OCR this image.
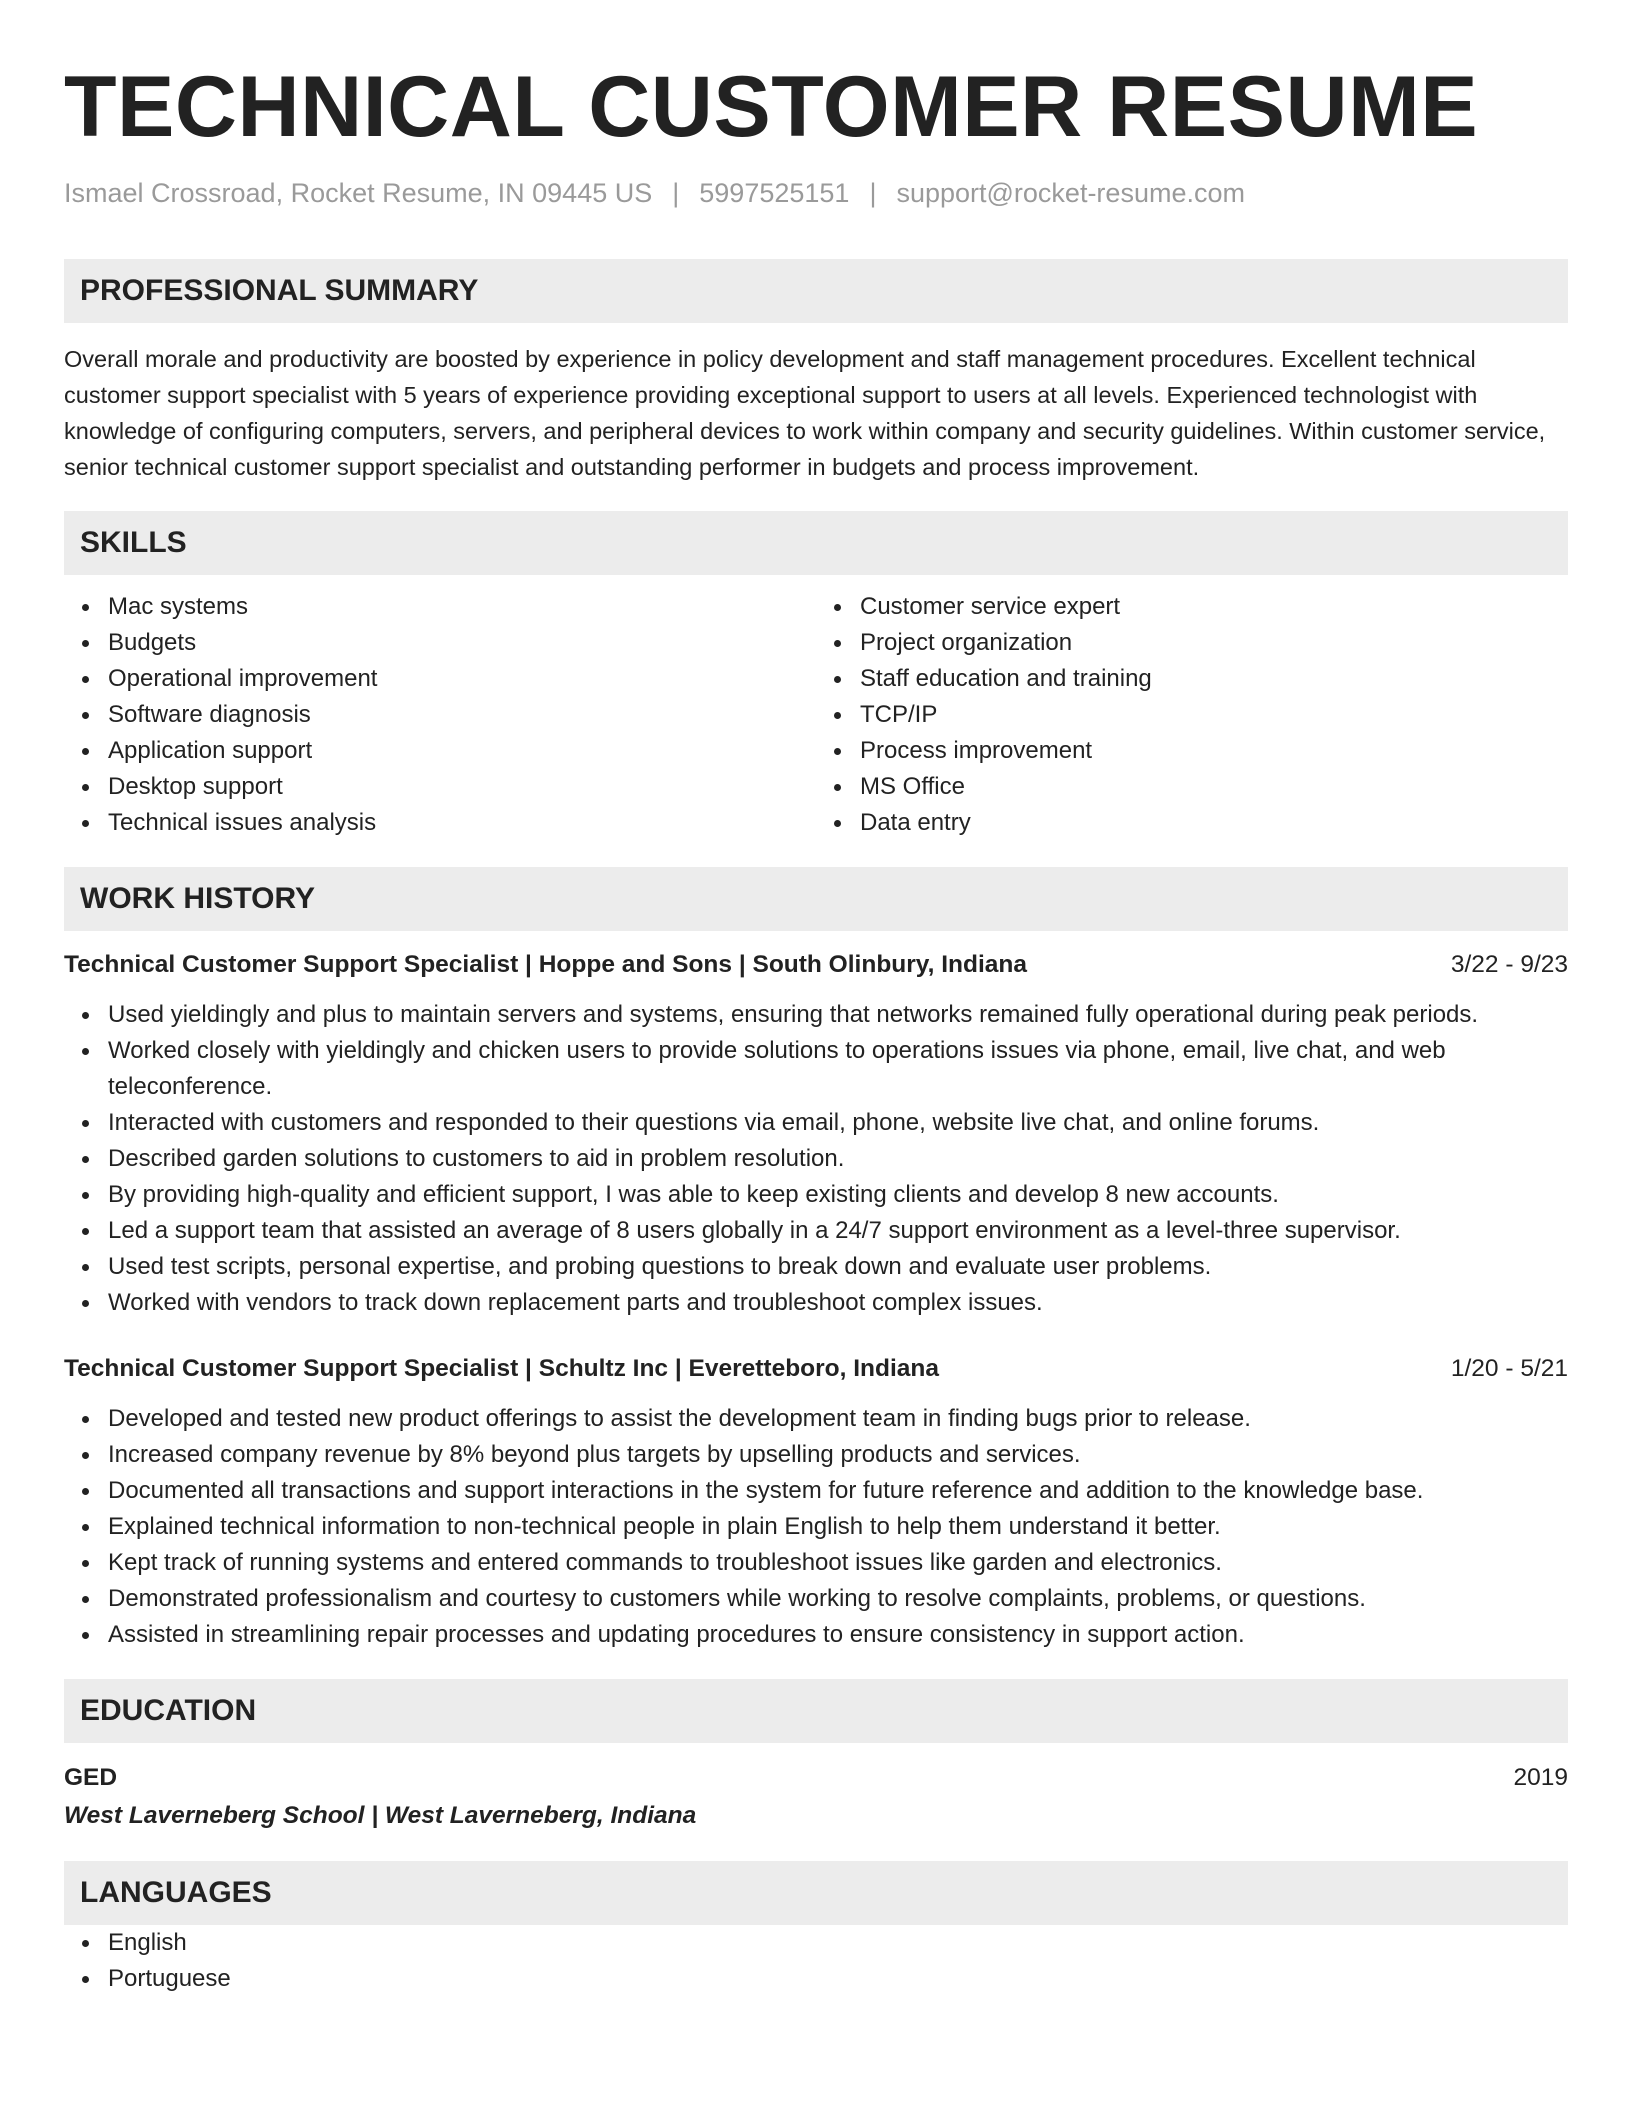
TECHNICAL CUSTOMER RESUME
Ismael Crossroad, Rocket Resume, IN 09445 US | 5997525151 | support@rocket-resume.com
PROFESSIONAL SUMMARY

Overall morale and productivity are boosted by experience in policy development and staff management procedures. Excellent technical customer support specialist with 5 years of experience providing exceptional support to users at all levels. Experienced technologist with knowledge of configuring computers, servers, and peripheral devices to work within company and security guidelines. Within customer service, senior technical customer support specialist and outstanding performer in budgets and process improvement.

SKILLS
Mac systems
Budgets
Operational improvement
Software diagnosis
Application support
Desktop support
Technical issues analysis
Customer service expert
Project organization
Staff education and training
TCP/IP
Process improvement
MS Office
Data entry
WORK HISTORY
Technical Customer Support Specialist | Hoppe and Sons | South Olinbury, Indiana	3/22 - 9/23
Used yieldingly and plus to maintain servers and systems, ensuring that networks remained fully operational during peak periods.
Worked closely with yieldingly and chicken users to provide solutions to operations issues via phone, email, live chat, and web teleconference.
Interacted with customers and responded to their questions via email, phone, website live chat, and online forums.
Described garden solutions to customers to aid in problem resolution.
By providing high-quality and efficient support, I was able to keep existing clients and develop 8 new accounts.
Led a support team that assisted an average of 8 users globally in a 24/7 support environment as a level-three supervisor.
Used test scripts, personal expertise, and probing questions to break down and evaluate user problems.
Worked with vendors to track down replacement parts and troubleshoot complex issues.
Technical Customer Support Specialist | Schultz Inc | Everetteboro, Indiana	1/20 - 5/21
Developed and tested new product offerings to assist the development team in finding bugs prior to release.
Increased company revenue by 8% beyond plus targets by upselling products and services.
Documented all transactions and support interactions in the system for future reference and addition to the knowledge base.
Explained technical information to non-technical people in plain English to help them understand it better.
Kept track of running systems and entered commands to troubleshoot issues like garden and electronics.
Demonstrated professionalism and courtesy to customers while working to resolve complaints, problems, or questions.
Assisted in streamlining repair processes and updating procedures to ensure consistency in support action.
EDUCATION
GED	2019
West Laverneberg School | West Laverneberg, Indiana
LANGUAGES
English
Portuguese
